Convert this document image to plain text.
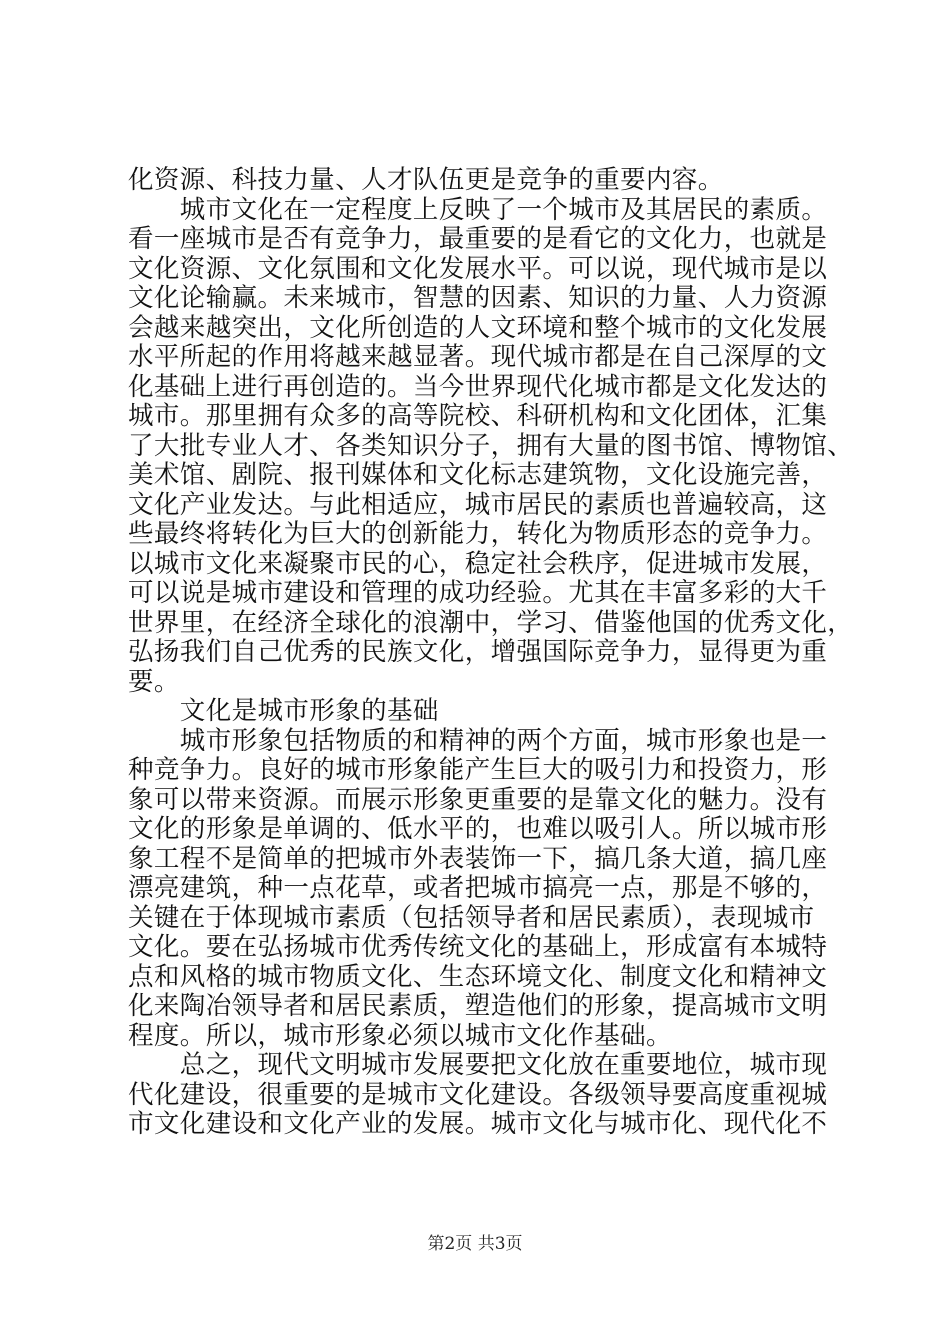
化资源、科技力量、人才队伍更是竞争的重要内容。
　　城市文化在一定程度上反映了一个城市及其居民的素质。
看一座城市是否有竞争力，最重要的是看它的文化力，也就是
文化资源、文化氛围和文化发展水平。可以说，现代城市是以
文化论输赢。未来城市，智慧的因素、知识的力量、人力资源
会越来越突出，文化所创造的人文环境和整个城市的文化发展
水平所起的作用将越来越显著。现代城市都是在自己深厚的文
化基础上进行再创造的。当今世界现代化城市都是文化发达的
城市。那里拥有众多的高等院校、科研机构和文化团体，汇集
了大批专业人才、各类知识分子，拥有大量的图书馆、博物馆、
美术馆、剧院、报刊媒体和文化标志建筑物，文化设施完善，
文化产业发达。与此相适应，城市居民的素质也普遍较高，这
些最终将转化为巨大的创新能力，转化为物质形态的竞争力。
以城市文化来凝聚市民的心，稳定社会秩序，促进城市发展，
可以说是城市建设和管理的成功经验。尤其在丰富多彩的大千
世界里，在经济全球化的浪潮中，学习、借鉴他国的优秀文化，
弘扬我们自己优秀的民族文化，增强国际竞争力，显得更为重
要。
　　文化是城市形象的基础
　　城市形象包括物质的和精神的两个方面，城市形象也是一
种竞争力。良好的城市形象能产生巨大的吸引力和投资力，形
象可以带来资源。而展示形象更重要的是靠文化的魅力。没有
文化的形象是单调的、低水平的，也难以吸引人。所以城市形
象工程不是简单的把城市外表装饰一下，搞几条大道，搞几座
漂亮建筑，种一点花草，或者把城市搞亮一点，那是不够的，
关键在于体现城市素质（包括领导者和居民素质），表现城市
文化。要在弘扬城市优秀传统文化的基础上，形成富有本城特
点和风格的城市物质文化、生态环境文化、制度文化和精神文
化来陶冶领导者和居民素质，塑造他们的形象，提高城市文明
程度。所以，城市形象必须以城市文化作基础。
　　总之，现代文明城市发展要把文化放在重要地位，城市现
代化建设，很重要的是城市文化建设。各级领导要高度重视城
市文化建设和文化产业的发展。城市文化与城市化、现代化不
第2页 共3页
